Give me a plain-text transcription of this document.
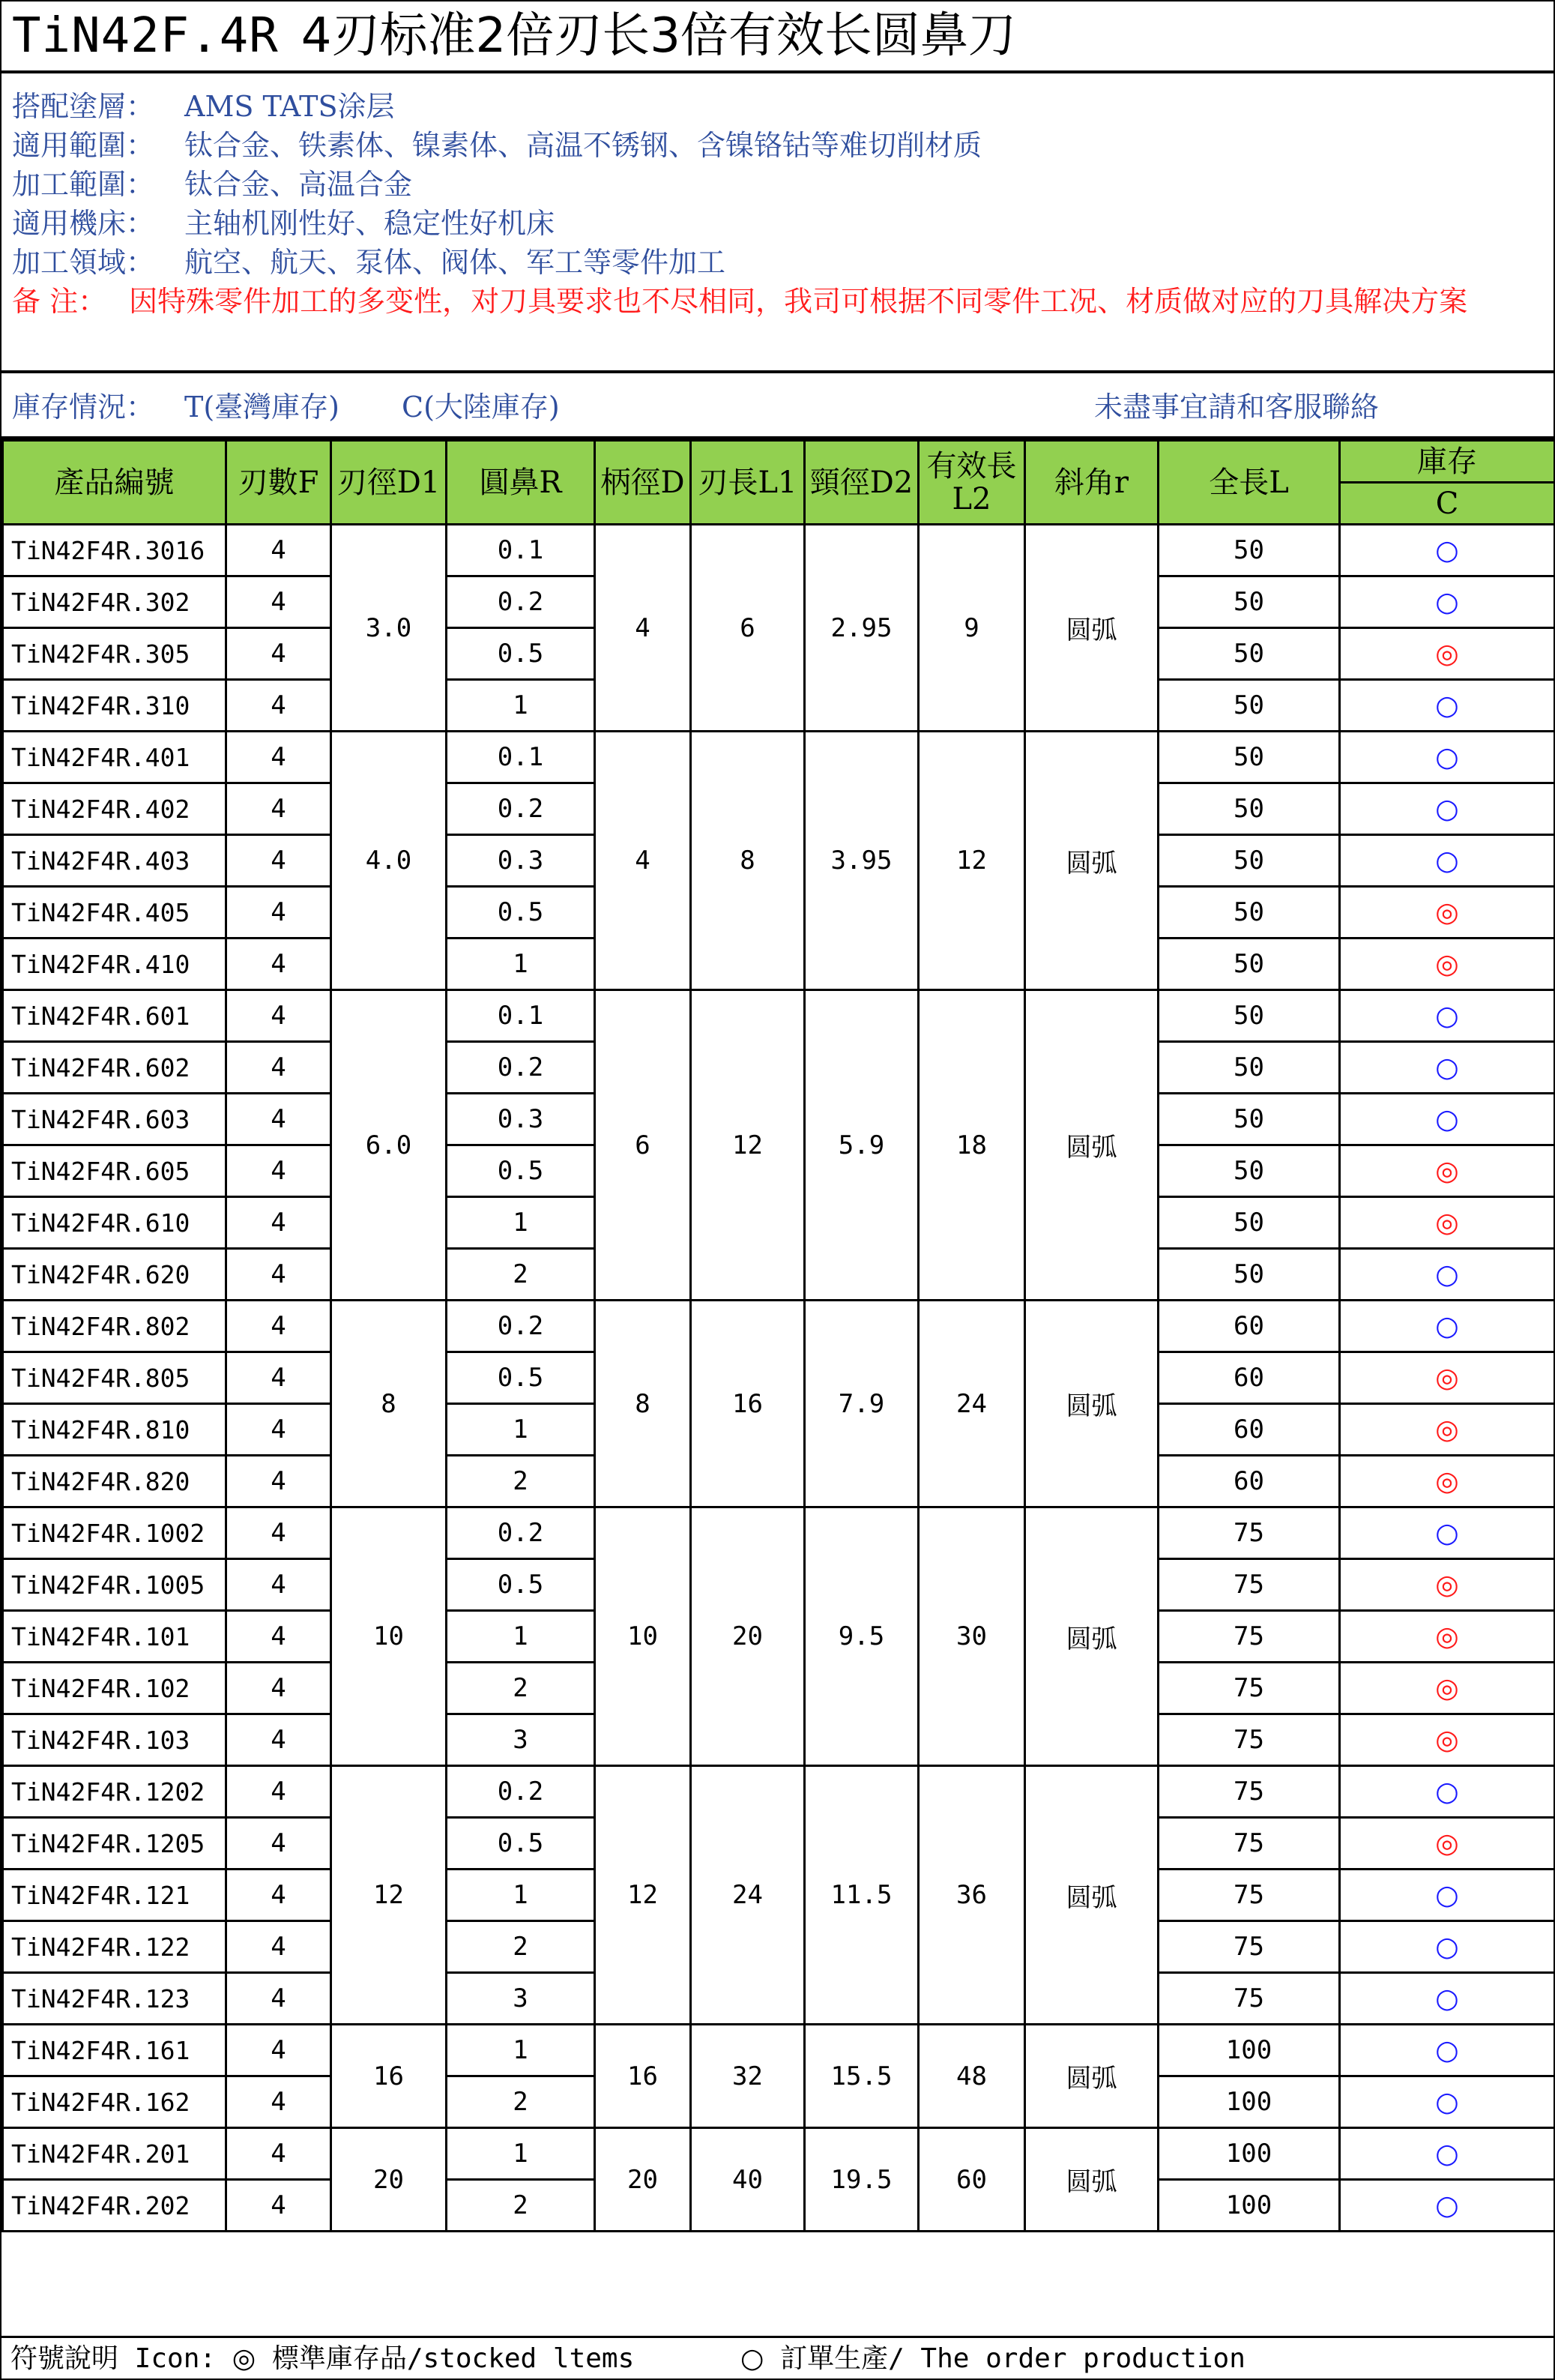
TiN42F.4R 4刃标准2倍刃长3倍有效长圆鼻刀
搭配塗層： AMS TATS涂层
適用範圍： 钛合金、铁素体、镍素体、高温不锈钢、含镍铬钴等难切削材质
加工範圍： 钛合金、高温合金
適用機床： 主轴机刚性好、稳定性好机床
加工領域： 航空、航天、泵体、阀体、军工等零件加工
备 注： 因特殊零件加工的多变性，对刀具要求也不尽相同，我司可根据不同零件工况、材质做对应的刀具解决方案
庫存情況： T(臺灣庫存) C(大陸庫存)	未盡事宜請和客服聯絡
產品編號	刃數F	刃徑D1	圓鼻R	柄徑D	刃長L1	頸徑D2	有效長
L2	斜角r	全長L	庫存
										C
TiN42F4R.3016	4	3.0	0.1	4	6	2.95	9	圆弧	50	○
TiN42F4R.302	4		0.2						50	○
TiN42F4R.305	4		0.5						50	◎
TiN42F4R.310	4		1						50	○
TiN42F4R.401	4	4.0	0.1	4	8	3.95	12	圆弧	50	○
TiN42F4R.402	4		0.2						50	○
TiN42F4R.403	4		0.3						50	○
TiN42F4R.405	4		0.5						50	◎
TiN42F4R.410	4		1						50	◎
TiN42F4R.601	4	6.0	0.1	6	12	5.9	18	圆弧	50	○
TiN42F4R.602	4		0.2						50	○
TiN42F4R.603	4		0.3						50	○
TiN42F4R.605	4		0.5						50	◎
TiN42F4R.610	4		1						50	◎
TiN42F4R.620	4		2						50	○
TiN42F4R.802	4	8	0.2	8	16	7.9	24	圆弧	60	○
TiN42F4R.805	4		0.5						60	◎
TiN42F4R.810	4		1						60	◎
TiN42F4R.820	4		2						60	◎
TiN42F4R.1002	4	10	0.2	10	20	9.5	30	圆弧	75	○
TiN42F4R.1005	4		0.5						75	◎
TiN42F4R.101	4		1						75	◎
TiN42F4R.102	4		2						75	◎
TiN42F4R.103	4		3						75	◎
TiN42F4R.1202	4	12	0.2	12	24	11.5	36	圆弧	75	○
TiN42F4R.1205	4		0.5						75	◎
TiN42F4R.121	4		1						75	○
TiN42F4R.122	4		2						75	○
TiN42F4R.123	4		3						75	○
TiN42F4R.161	4	16	1	16	32	15.5	48	圆弧	100	○
TiN42F4R.162	4		2						100	○
TiN42F4R.201	4	20	1	20	40	19.5	60	圆弧	100	○
TiN42F4R.202	4		2						100	○
符號說明 Icon: ◎ 標準庫存品/stocked ltems	○ 訂單生產/ The order production
